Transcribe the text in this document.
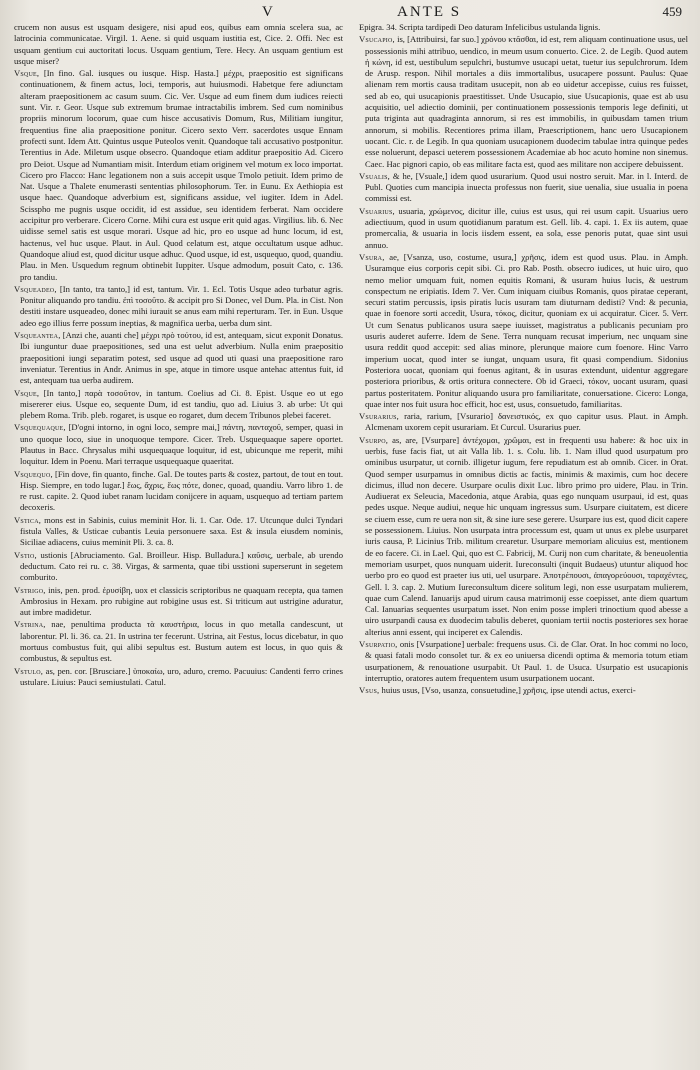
V	ANTE S	459

crucem non ausus est usquam desigere, nisi apud eos, quibus eam omnia scelera sua, ac latrocinia communicatae. Virgil. 1. Aene. si quid usquam iustitia est, Cice. 2. Offi. Nec est usquam gentium cui auctoritati locus. Usquam gentium, Tere. Hecy. An usquam gentium est usque miser?

Vsque, [In fino. Gal. iusques ou iusque. Hisp. Hasta.] μέχρι, praepositio est significans continuationem, & finem actus, loci, temporis, aut huiusmodi. Habetque fere adiunctam alteram praepositionem ac casum suum. Cic. Ver. Usque ad eum finem dum iudices reiecti sunt. Vir. r. Geor. Usque sub extremum brumae intractabilis imbrem. Sed cum nominibus propriis minorum locorum, quae cum hisce accusativis Domum, Rus, Militiam iungitur, frequentius fine alia praepositione ponitur. Cicero sexto Verr. sacerdotes usque Ennam profecti sunt. Idem Att. Quintus usque Puteolos venit. Quandoque tali accusativo postponitur. Terentius in Ade. Miletum usque obsecro. Quandoque etiam additur praepositio Ad. Cicero pro Deiot. Usque ad Numantiam misit. Interdum etiam originem vel motum ex loco importat. Cicero pro Flacco: Hanc legationem non a suis accepit usque Tmolo petiuit. Idem primo de Nat. Usque a Thalete enumerasti sententias philosophorum. Ter. in Eunu. Ex Aethiopia est usque haec. Quandoque adverbium est, significans assidue, vel iugiter. Idem in Adel. Scisspho me pugnis usque occidit, id est assidue, seu identidem ferberat. Nam occidere accipitur pro verberare. Cicero Corne. Mihi cura est usque erit quid agas. Virgilius. lib. 6. Nec uidisse semel satis est usque morari. Usque ad hic, pro eo usque ad hunc locum, id est, hactenus, vel huc usque. Plaut. in Aul. Quod celatum est, atque occultatum usque adhuc. Quandoque aliud est, quod dicitur usque adhuc. Quod usque, id est, usquequo, quod, quandiu. Plau. in Men. Usquedum regnum obtinebit Iuppiter. Usque admodum, posuit Cato, c. 136. pro tandiu.

Vsqueadeo, [In tanto, tra tanto,] id est, tantum. Vir. 1. Ecl. Totis Usque adeo turbatur agris. Ponitur aliquando pro tandiu. ἐπὶ τοσοῦτο. & accipit pro Si Donec, vel Dum. Pla. in Cist. Non destiti instare usqueadeo, donec mihi iurauit se anus eam mihi reperturam. Ter. in Eun. Usque adeo ego illius ferre possum ineptias, & magnifica uerba, uerba dum sint.

Vsqueantea, [Anzi che, auanti che] μέχρι πρὸ τούτου, id est, antequam, sicut exponit Donatus. Ibi iunguntur duae praepositiones, sed una est uelut adverbium. Nulla enim praepositio praepositioni iungi separatim potest, sed usque ad quod uti quasi una praepositione raro inveniatur. Terentius in Andr. Animus in spe, atque in timore usque antehac attentus fuit, id est, antequam tua uerba audirem.

Vsque, [In tanto,] παρὰ τοσοῦτον, in tantum. Coelius ad Ci. 8. Epist. Usque eo ut ego misererer eius. Usque eo, sequente Dum, id est tandiu, quo ad. Liuius 3. ab urbe: Ut qui plebem Roma. Trib. pleb. rogaret, is usque eo rogaret, dum decem Tribunos plebei faceret.

Vsquequaque, [D'ogni intorno, in ogni loco, sempre mai,] πάντη, πανταχοῦ, semper, quasi in uno quoque loco, siue in unoquoque tempore. Cicer. Treb. Usquequaque sapere oportet. Plautus in Bacc. Chrysalus mihi usquequaque loquitur, id est, ubicunque me reperit, mihi loquitur. Idem in Poenu. Mari terraque usquequaque quaeritat.

Vsquequo, [Fin dove, fin quanto, finche. Gal. De toutes parts & costez, partout, de tout en tout. Hisp. Siempre, en todo lugar.] ἕως, ἄχρις, ἕως πότε, donec, quoad, quandiu. Varro libro 1. de re rust. capite. 2. Quod iubet ranam lucidam conijcere in aquam, usquequo ad tertiam partem decoxeris.

Vstica, mons est in Sabinis, cuius meminit Hor. li. 1. Car. Ode. 17. Utcunque dulci Tyndari fistula Valles, & Usticae cubantis Leuia personuere saxa. Est & insula eiusdem nominis, Siciliae adiacens, cuius meminit Pli. 3. ca. 8.

Vstio, ustionis [Abruciamento. Gal. Broilleur. Hisp. Bulladura.] καῦσις, uerbale, ab urendo deductum. Cato rei ru. c. 38. Virgas, & sarmenta, quae tibi usstioni superserunt in segetem comburito.

Vstrigo, inis, pen. prod. ἐρυσίβη, uox et classicis scriptoribus ne quaquam recepta, qua tamen Ambrosius in Hexam. pro rubigine aut robigine usus est. Si triticum aut ustrigine aduratur, aut imbre madidetur.

Vstrina, nae, penultima producta τὰ καυστήρια, locus in quo metalla candescunt, ut laborentur. Pl. li. 36. ca. 21. In ustrina ter fecerunt. Ustrina, ait Festus, locus dicebatur, in quo mortuus combustus fuit, qui alibi sepultus est. Bustum autem est locus, in quo quis & combustus, & sepultus est.

Vstulo, as, pen. cor. [Brusciare.] ὑποκαίω, uro, aduro, cremo. Pacuuius: Candenti ferro crines ustulare. Liuius: Pauci semiustulati. Catul.

Epigra. 34. Scripta tardipedi Deo daturam Infelicibus ustulanda lignis.

Vsucapio, is, [Attribuirsi, far suo.] χρόνου κτᾶσθαι, id est, rem aliquam continuatione usus, uel possessionis mihi attribuo, uendico, in meum usum conuerto. Cice. 2. de Legib. Quod autem ἠ κώνη, id est, uestibulum sepulchri, bustumve usucapi uetat, tuetur ius sepulchrorum. Idem de Arusp. respon. Nihil mortales a diis immortalibus, usucapere possunt. Paulus: Quae alienam rem mortis causa traditam usucepit, non ab eo uidetur accepisse, cuius res fuisset, sed ab eo, qui usucapionis praestitisset. Unde Usucapio, siue Usucapionis, quae est ab usu acquisitio, uel adiectio dominii, per continuationem possessionis temporis lege definiti, ut puta triginta aut quadraginta annorum, si res est immobilis, in quibusdam tamen trium annorum, si mobilis. Recentiores prima illam, Praescriptionem, hanc uero Usucapionem uocant. Cic. r. de Legib. In qua quoniam usucapionem duodecim tabulae intra quinque pedes esse noluerunt, depasci ueterem possessionem Academiae ab hoc acuto homine non sinemus. Caec. Hac pignori capio, ob eas militare facta est, quod aes militare non accipere debuissent.

Vsualis, & he, [Vsuale,] idem quod usurarium. Quod usui nostro seruit. Mar. in l. Interd. de Publ. Quoties cum mancipia inuecta professus non fuerit, siue uenalia, siue usualia in poena commissi est.

Vsuarius, usuaria, χρώμενος, dicitur ille, cuius est usus, qui rei usum capit. Usuarius uero adiectiuum, quod in usum quotidianum paratum est. Gell. lib. 4. capi. 1. Ex iis autem, quae promercalia, & usuaria in locis iisdem essent, ea sola, esse penoris putat, quae sint usui annuo.

Vsura, ae, [Vsanza, uso, costume, usura,] χρῆσις, idem est quod usus. Plau. in Amph. Usuramque eius corporis cepit sibi. Ci. pro Rab. Posth. obsecro iudices, ut huic uiro, quo nemo melior umquam fuit, nomen equitis Romani, & usuram huius lucis, & uestrum conspectum ne eripiatis. Idem 7. Ver. Cum iniquam ciuibus Romanis, quos piratae ceperant, securi statim percussis, ipsis piratis lucis usuram tam diuturnam dedisti? Vnd: & pecunia, quae in foenore sorti accedit, Usura, τόκος, dicitur, quoniam ex ui acquiratur. Cicer. 5. Verr. Ut cum Senatus publicanos usura saepe iuuisset, magistratus a publicanis pecuniam pro usuris auderet auferre. Idem de Sene. Terra nunquam recusat imperium, nec unquam sine usura reddit quod accepit: sed alias minore, plerunque maiore cum foenore. Hinc Varro imperium uocat, quod inter se iungat, unquam usura, fit quasi compendium. Sidonius Posteriora uocat, quoniam qui foenus agitant, & in usuras extendunt, uidentur aggregare posteriora prioribus, & ortis oritura connectere. Ob id Graeci, τόκον, uocant usuram, quasi partus posteritatem. Ponitur aliquando usura pro familiaritate, conuersatione. Cicero: Longa, quae inter nos fuit usura hoc efficit, hoc est, usus, consuetudo, familiaritas.

Vsurarius, raria, rarium, [Vsurario] δανειστικός, ex quo capitur usus. Plaut. in Amph. Alcmenam uxorem cepit usurariam. Et Curcul. Usurarius puer.

Vsurpo, as, are, [Vsurpare] ἀντέχομαι, χρῶμαι, est in frequenti usu habere: & hoc uix in uerbis, fuse facis fiat, ut ait Valla lib. 1. s. Colu. lib. 1. Nam illud quod usurpatum pro ominibus usurpatur, ut cornib. illigetur iugum, fere repudiatum est ab omnib. Cicer. in Orat. Quod semper usurpamus in omnibus dictis ac factis, minimis & maximis, cum hoc decere dicimus, illud non decere. Usurpare oculis dixit Luc. libro primo pro uidere, Plau. in Trin. Audiuerat ex Seleucia, Macedonia, atque Arabia, quas ego nunquam usurpaui, id est, quas pedes usque. Neque audiui, neque hic unquam ingressus sum. Usurpare ciuitatem, est dicere se ciuem esse, cum re uera non sit, & sine iure sese gerere. Usurpare ius est, quod dicit capere se possessionem. Liuius. Non usurpata intra processum est, quam ut unus ex plebe usurparet iuris causa, P. Licinius Trib. militum crearetur. Usurpare memoriam alicuius est, mentionem de eo facere. Ci. in Lael. Qui, quo est C. Fabricij, M. Curij non cum charitate, & beneuolentia memoriam usurpet, quos nunquam uiderit. Iureconsulti (inquit Budaeus) utuntur aliquod hoc uerbo pro eo quod est praeter ius uti, uel usurpare. Ἀποτρέπουσι, ἀπαγορεύουσι, ταραχέντες, Gell. l. 3. cap. 2. Mutium Iureconsultum dicere solitum legi, non esse usurpatam mulierem, quae cum Calend. Ianuarijs apud uirum causa matrimonij esse coepisset, ante diem quartum Cal. Ianuarias sequentes usurpatum isset. Non enim posse impleri trinoctium quod abesse a uiro usurpandi causa ex duodecim tabulis deberet, quoniam tertii noctis posteriores sex horae alterius anni essent, qui inciperet ex Calendis.

Vsurpatio, onis [Vsurpatione] uerbale: frequens usus. Ci. de Clar. Orat. In hoc commi no loco, & quasi fatali modo consolet tur. & ex eo uniuersa dicendi optima & memoria totum etiam usurpationem, & renouatione usurpabit. Ut Paul. 1. de Usuca. Usurpatio est usucapionis interruptio, oratores autem frequentem usum usurpationem uocant.

Vsus, huius usus, [Vso, usanza, consuetudine,] χρῆσις, ipse utendi actus, exerci-
